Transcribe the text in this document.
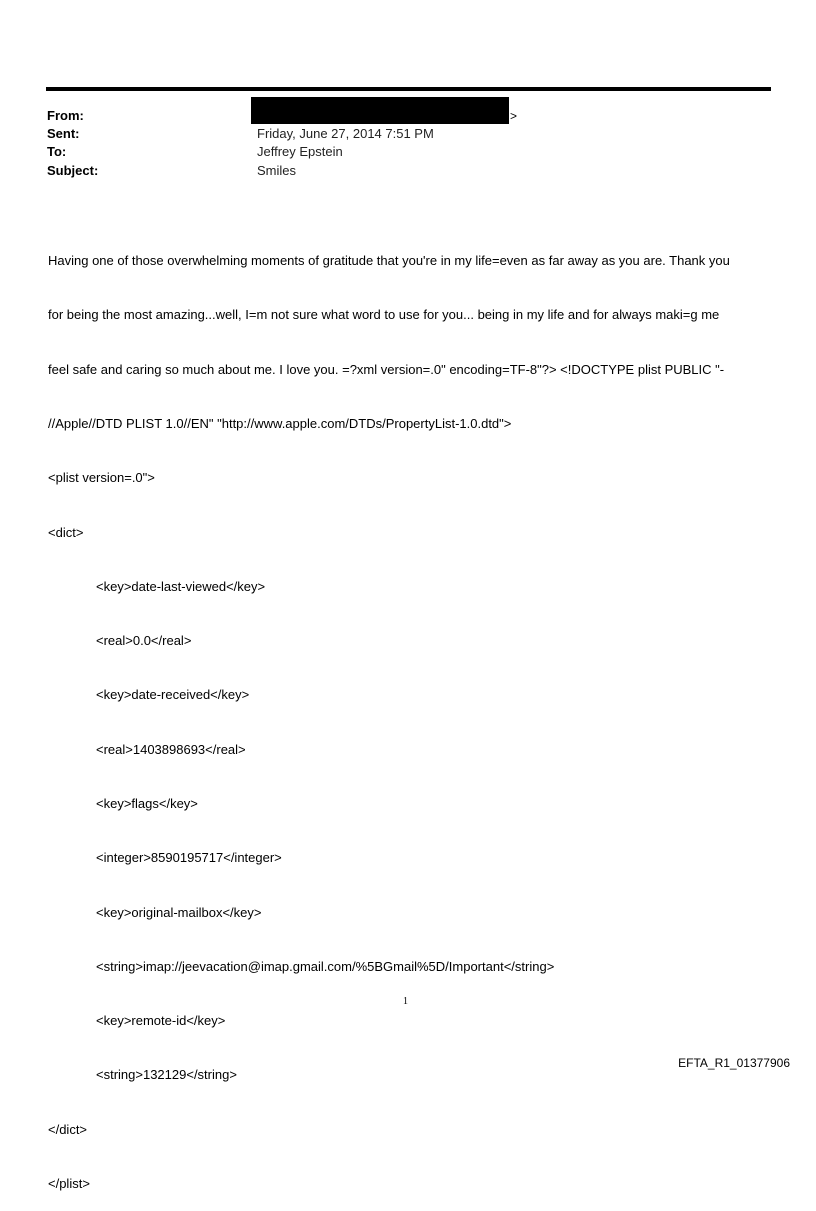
From:	>
Sent:	Friday, June 27, 2014 7:51 PM
To:	Jeffrey Epstein
Subject:	Smiles

Having one of those overwhelming moments of gratitude that you're in my life=even as far away as you are. Thank you

for being the most amazing...well, I=m not sure what word to use for you... being in my life and for always maki=g me

feel safe and caring so much about me. I love you. =?xml version=.0" encoding=TF-8"?> <!DOCTYPE plist PUBLIC "-

//Apple//DTD PLIST 1.0//EN" "http://www.apple.com/DTDs/PropertyList-1.0.dtd">

<plist version=.0">

<dict>

<key>date-last-viewed</key>

<real>0.0</real>

<key>date-received</key>

<real>1403898693</real>

<key>flags</key>

<integer>8590195717</integer>

<key>original-mailbox</key>

<string>imap://jeevacation@imap.gmail.com/%5BGmail%5D/Important</string>

<key>remote-id</key>

<string>132129</string>

</dict>

</plist>

1
EFTA_R1_01377906
